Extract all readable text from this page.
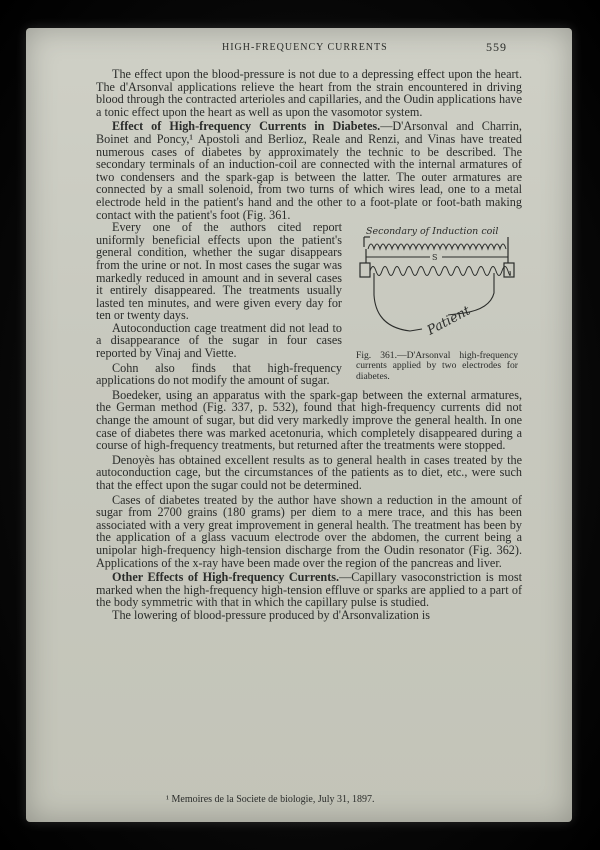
HIGH-FREQUENCY CURRENTS	559

The effect upon the blood-pressure is not due to a depressing effect upon the heart. The d'Arsonval applications relieve the heart from the strain encountered in driving blood through the contracted arterioles and capillaries, and the Oudin applications have a tonic effect upon the heart as well as upon the vasomotor system.

Effect of High-frequency Currents in Diabetes.—D'Arsonval and Charrin, Boinet and Poncy,¹ Apostoli and Berlioz, Reale and Renzi, and Vinas have treated numerous cases of diabetes by approximately the technic to be described. The secondary terminals of an induction-coil are connected with the internal armatures of two condensers and the spark-gap is between the latter. The outer armatures are connected by a small solenoid, from two turns of which wires lead, one to a metal electrode held in the patient's hand and the other to a foot-plate or foot-bath making contact with the patient's foot (Fig. 361.

Secondary of Induction coil
S
Patient
Fig. 361.—D'Arsonval high-frequency currents applied by two electrodes for diabetes.

Every one of the authors cited report uniformly beneficial effects upon the patient's general condition, whether the sugar disappears from the urine or not. In most cases the sugar was markedly reduced in amount and in several cases it entirely disappeared. The treatments usually lasted ten minutes, and were given every day for ten or twenty days.

Autoconduction cage treatment did not lead to a disappearance of the sugar in four cases reported by Vinaj and Viette.

Cohn also finds that high-frequency applications do not modify the amount of sugar.

Boedeker, using an apparatus with the spark-gap between the external armatures, the German method (Fig. 337, p. 532), found that high-frequency currents did not change the amount of sugar, but did very markedly improve the general health. In one case of diabetes there was marked acetonuria, which completely disappeared during a course of high-frequency treatments, but returned after the treatments were stopped.

Denoyès has obtained excellent results as to general health in cases treated by the autoconduction cage, but the circumstances of the patients as to diet, etc., were such that the effect upon the sugar could not be determined.

Cases of diabetes treated by the author have shown a reduction in the amount of sugar from 2700 grains (180 grams) per diem to a mere trace, and this has been associated with a very great improvement in general health. The treatment has been by the application of a glass vacuum electrode over the abdomen, the current being a unipolar high-frequency high-tension discharge from the Oudin resonator (Fig. 362). Applications of the x-ray have been made over the region of the pancreas and liver.

Other Effects of High-frequency Currents.—Capillary vasoconstriction is most marked when the high-frequency high-tension effluve or sparks are applied to a part of the body symmetric with that in which the capillary pulse is studied.

The lowering of blood-pressure produced by d'Arsonvalization is

¹ Memoires de la Societe de biologie, July 31, 1897.
